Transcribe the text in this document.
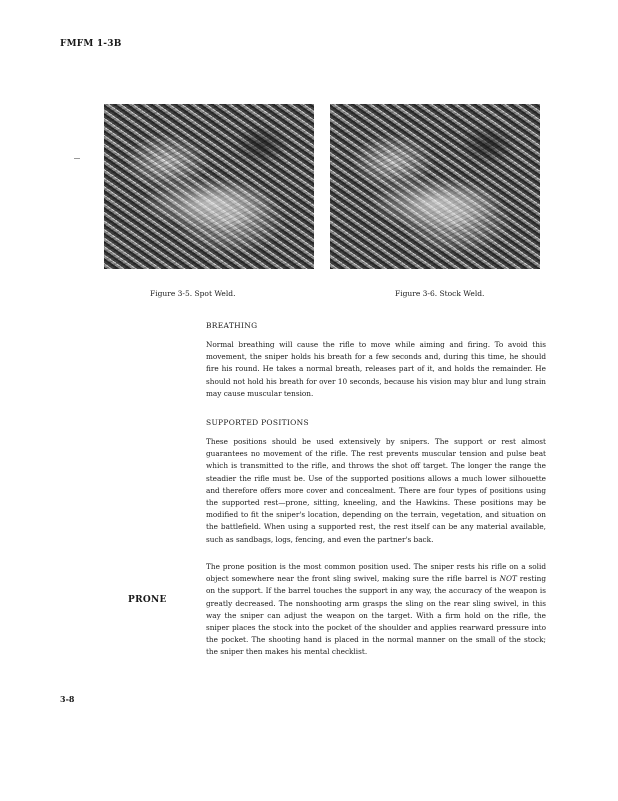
FMFM 1-3B
Figure 3-5. Spot Weld.	Figure 3-6. Stock Weld.
BREATHING

Normal breathing will cause the rifle to move while aiming and firing. To avoid this movement, the sniper holds his breath for a few seconds and, during this time, he should fire his round. He takes a normal breath, releases part of it, and holds the remainder. He should not hold his breath for over 10 seconds, because his vision may blur and lung strain may cause muscular tension.

SUPPORTED POSITIONS

These positions should be used extensively by snipers. The support or rest almost guarantees no movement of the rifle. The rest prevents muscular tension and pulse beat which is transmitted to the rifle, and throws the shot off target. The longer the range the steadier the rifle must be. Use of the supported positions allows a much lower silhouette and therefore offers more cover and concealment. There are four types of positions using the supported rest—prone, sitting, kneeling, and the Hawkins. These positions may be modified to fit the sniper's location, depending on the terrain, vegetation, and situation on the battlefield. When using a supported rest, the rest itself can be any material available, such as sandbags, logs, fencing, and even the partner's back.

PRONE

The prone position is the most common position used. The sniper rests his rifle on a solid object somewhere near the front sling swivel, making sure the rifle barrel is NOT resting on the support. If the barrel touches the support in any way, the accuracy of the weapon is greatly decreased. The nonshooting arm grasps the sling on the rear sling swivel, in this way the sniper can adjust the weapon on the target. With a firm hold on the rifle, the sniper places the stock into the pocket of the shoulder and applies rearward pressure into the pocket. The shooting hand is placed in the normal manner on the small of the stock; the sniper then makes his mental checklist.

3-8
